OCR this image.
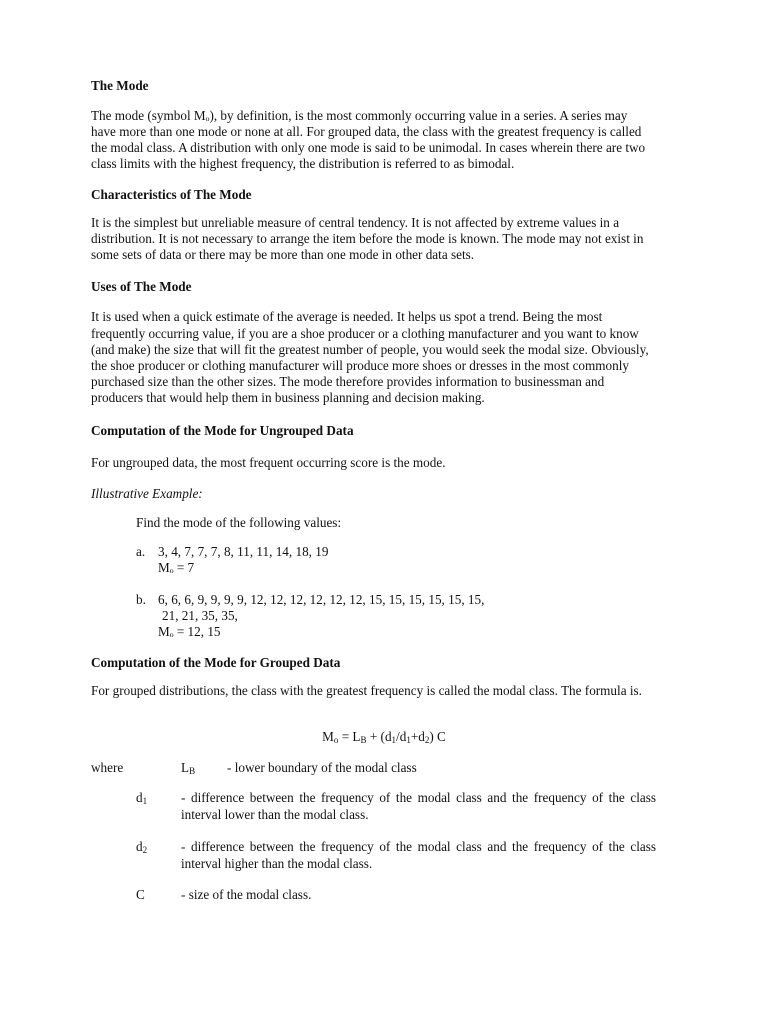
The Mode
The mode (symbol Mₒ), by definition, is the most commonly occurring value in a series. A series may
have more than one mode or none at all. For grouped data, the class with the greatest frequency is called
the modal class. A distribution with only one mode is said to be unimodal. In cases wherein there are two
class limits with the highest frequency, the distribution is referred to as bimodal.
Characteristics of The Mode
It is the simplest but unreliable measure of central tendency. It is not affected by extreme values in a
distribution. It is not necessary to arrange the item before the mode is known. The mode may not exist in
some sets of data or there may be more than one mode in other data sets.
Uses of The Mode
It is used when a quick estimate of the average is needed. It helps us spot a trend. Being the most
frequently occurring value, if you are a shoe producer or a clothing manufacturer and you want to know
(and make) the size that will fit the greatest number of people, you would seek the modal size. Obviously,
the shoe producer or clothing manufacturer will produce more shoes or dresses in the most commonly
purchased size than the other sizes. The mode therefore provides information to businessman and
producers that would help them in business planning and decision making.
Computation of the Mode for Ungrouped Data
For ungrouped data, the most frequent occurring score is the mode.
Illustrative Example:
Find the mode of the following values:
a. 3, 4, 7, 7, 7, 8, 11, 11, 14, 18, 19
Mₒ = 7
b. 6, 6, 6, 9, 9, 9, 9, 12, 12, 12, 12, 12, 12, 15, 15, 15, 15, 15, 15,
21, 21, 35, 35,
Mₒ = 12, 15
Computation of the Mode for Grouped Data
For grouped distributions, the class with the greatest frequency is called the modal class. The formula is.
$M_o = L_B + (d_1/d_1+d_2)$ C
where	$L_B$ - lower boundary of the modal class
$d_1$	- difference between the frequency of the modal class and the frequency of the class interval lower than the modal class.
$d_2$	- difference between the frequency of the modal class and the frequency of the class interval higher than the modal class.
C	- size of the modal class.
